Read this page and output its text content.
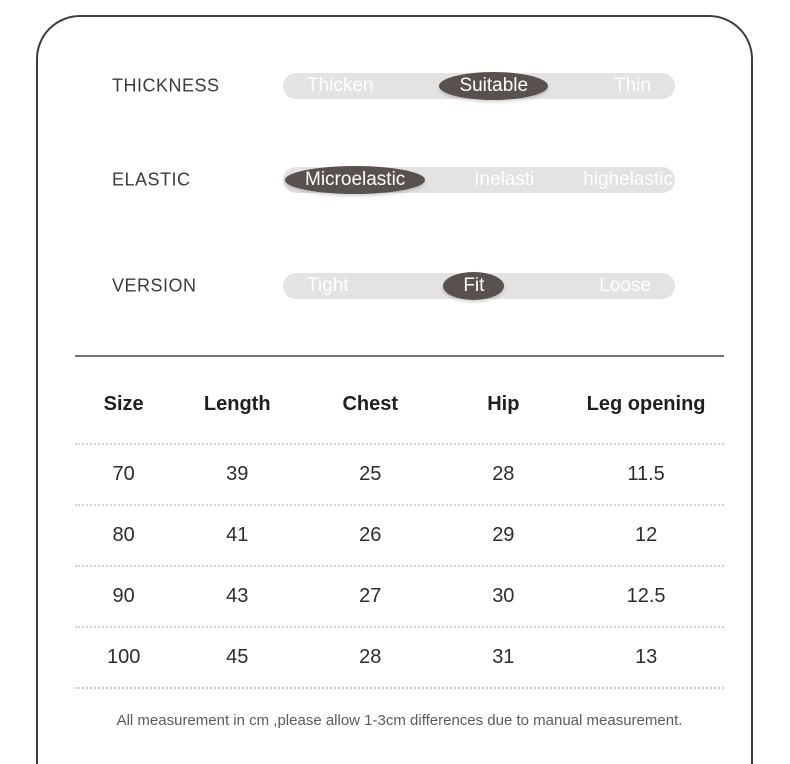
THICKNESS	Thicken	Suitable	Thin
ELASTIC	Microelastic	Inelasti	highelastic
VERSION	Tight	Fit	Loose
Size	Length	Chest	Hip	Leg opening
70	39	25	28	11.5
80	41	26	29	12
90	43	27	30	12.5
100	45	28	31	13
All measurement in cm ,please allow 1-3cm differences due to manual measurement.
